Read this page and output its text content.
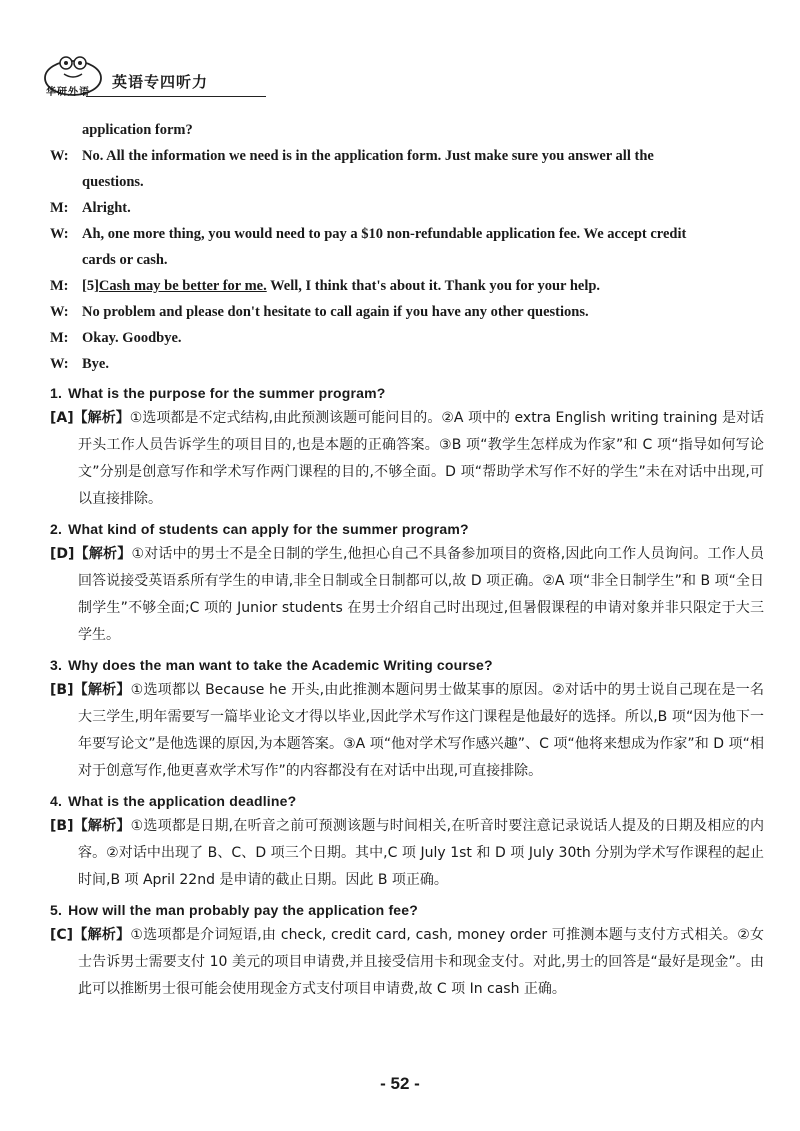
华研外语
英语专四听力
application form?
W: No. All the information we need is in the application form. Just make sure you answer all the
questions.
M: Alright.
W: Ah, one more thing, you would need to pay a $10 non-refundable application fee. We accept credit
cards or cash.
M: [5]Cash may be better for me. Well, I think that's about it. Thank you for your help.
W: No problem and please don't hesitate to call again if you have any other questions.
M: Okay. Goodbye.
W: Bye.
1. What is the purpose for the summer program?
[A]【解析】①选项都是不定式结构,由此预测该题可能问目的。②A 项中的 extra English writing training 是对话开头工作人员告诉学生的项目目的,也是本题的正确答案。③B 项“教学生怎样成为作家”和 C 项“指导如何写论文”分别是创意写作和学术写作两门课程的目的,不够全面。D 项“帮助学术写作不好的学生”未在对话中出现,可以直接排除。
2. What kind of students can apply for the summer program?
[D]【解析】①对话中的男士不是全日制的学生,他担心自己不具备参加项目的资格,因此向工作人员询问。工作人员回答说接受英语系所有学生的申请,非全日制或全日制都可以,故 D 项正确。②A 项“非全日制学生”和 B 项“全日制学生”不够全面;C 项的 Junior students 在男士介绍自己时出现过,但暑假课程的申请对象并非只限定于大三学生。
3. Why does the man want to take the Academic Writing course?
[B]【解析】①选项都以 Because he 开头,由此推测本题问男士做某事的原因。②对话中的男士说自己现在是一名大三学生,明年需要写一篇毕业论文才得以毕业,因此学术写作这门课程是他最好的选择。所以,B 项“因为他下一年要写论文”是他选课的原因,为本题答案。③A 项“他对学术写作感兴趣”、C 项“他将来想成为作家”和 D 项“相对于创意写作,他更喜欢学术写作”的内容都没有在对话中出现,可直接排除。
4. What is the application deadline?
[B]【解析】①选项都是日期,在听音之前可预测该题与时间相关,在听音时要注意记录说话人提及的日期及相应的内容。②对话中出现了 B、C、D 项三个日期。其中,C 项 July 1st 和 D 项 July 30th 分别为学术写作课程的起止时间,B 项 April 22nd 是申请的截止日期。因此 B 项正确。
5. How will the man probably pay the application fee?
[C]【解析】①选项都是介词短语,由 check, credit card, cash, money order 可推测本题与支付方式相关。②女士告诉男士需要支付 10 美元的项目申请费,并且接受信用卡和现金支付。对此,男士的回答是“最好是现金”。由此可以推断男士很可能会使用现金方式支付项目申请费,故 C 项 In cash 正确。
- 52 -
